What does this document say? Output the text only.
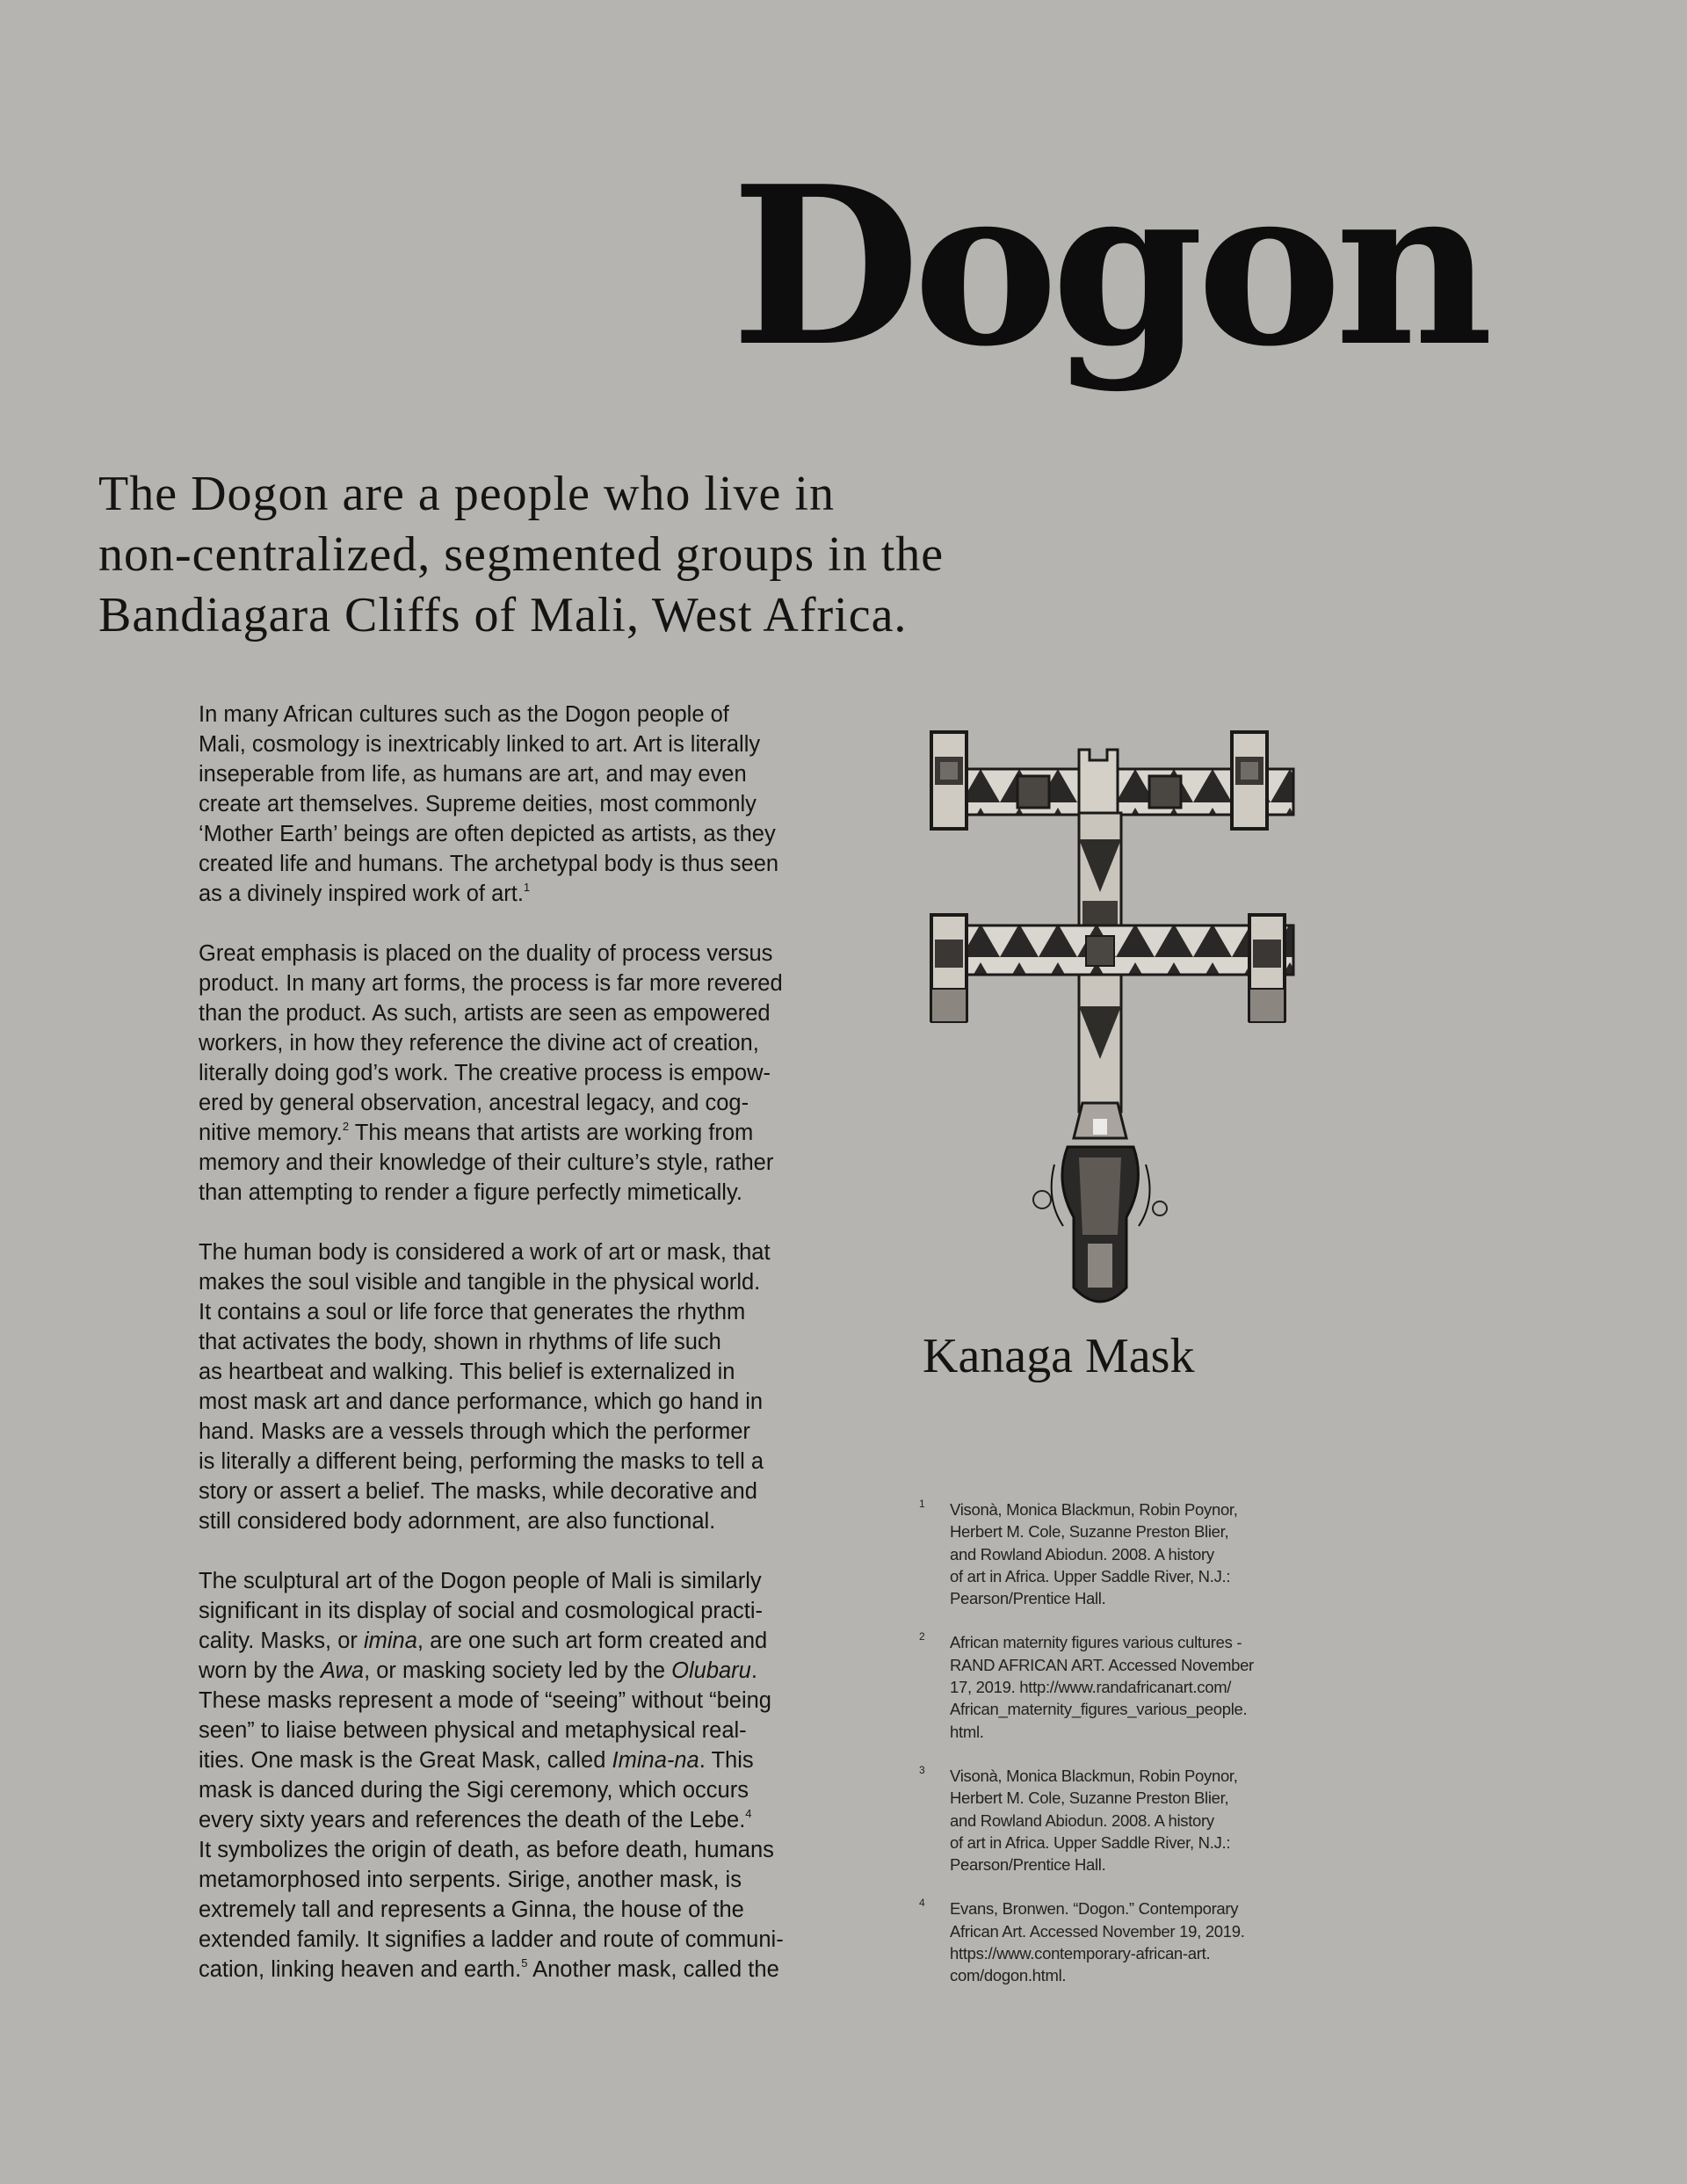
Dogon
The Dogon are a people who live in
non-centralized, segmented groups in the
Bandiagara Cliffs of Mali, West Africa.

In many African cultures such as the Dogon people of
Mali, cosmology is inextricably linked to art. Art is literally
inseperable from life, as humans are art, and may even
create art themselves. Supreme deities, most commonly
‘Mother Earth’ beings are often depicted as artists, as they
created life and humans. The archetypal body is thus seen
as a divinely inspired work of art.$^1$

Great emphasis is placed on the duality of process versus
product. In many art forms, the process is far more revered
than the product. As such, artists are seen as empowered
workers, in how they reference the divine act of creation,
literally doing god’s work. The creative process is empow-
ered by general observation, ancestral legacy, and cog-
nitive memory.$^2$ This means that artists are working from
memory and their knowledge of their culture’s style, rather
than attempting to render a figure perfectly mimetically.

The human body is considered a work of art or mask, that
makes the soul visible and tangible in the physical world.
It contains a soul or life force that generates the rhythm
that activates the body, shown in rhythms of life such
as heartbeat and walking. This belief is externalized in
most mask art and dance performance, which go hand in
hand. Masks are a vessels through which the performer
is literally a different being, performing the masks to tell a
story or assert a belief. The masks, while decorative and
still considered body adornment, are also functional.

The sculptural art of the Dogon people of Mali is similarly
significant in its display of social and cosmological practi-
cality. Masks, or imina, are one such art form created and
worn by the Awa, or masking society led by the Olubaru.
These masks represent a mode of “seeing” without “being
seen” to liaise between physical and metaphysical real-
ities. One mask is the Great Mask, called Imina-na. This
mask is danced during the Sigi ceremony, which occurs
every sixty years and references the death of the Lebe.$^4$
It symbolizes the origin of death, as before death, humans
metamorphosed into serpents. Sirige, another mask, is
extremely tall and represents a Ginna, the house of the
extended family. It signifies a ladder and route of communi-
cation, linking heaven and earth.$^5$ Another mask, called the

Kanaga Mask

1 Visonà, Monica Blackmun, Robin Poynor,
Herbert M. Cole, Suzanne Preston Blier,
and Rowland Abiodun. 2008. A history
of art in Africa. Upper Saddle River, N.J.:
Pearson/Prentice Hall.
2 African maternity figures various cultures -
RAND AFRICAN ART. Accessed November
17, 2019. http://www.randafricanart.com/
African_maternity_figures_various_people.
html.
3 Visonà, Monica Blackmun, Robin Poynor,
Herbert M. Cole, Suzanne Preston Blier,
and Rowland Abiodun. 2008. A history
of art in Africa. Upper Saddle River, N.J.:
Pearson/Prentice Hall.
4 Evans, Bronwen. “Dogon.” Contemporary
African Art. Accessed November 19, 2019.
https://www.contemporary-african-art.
com/dogon.html.
